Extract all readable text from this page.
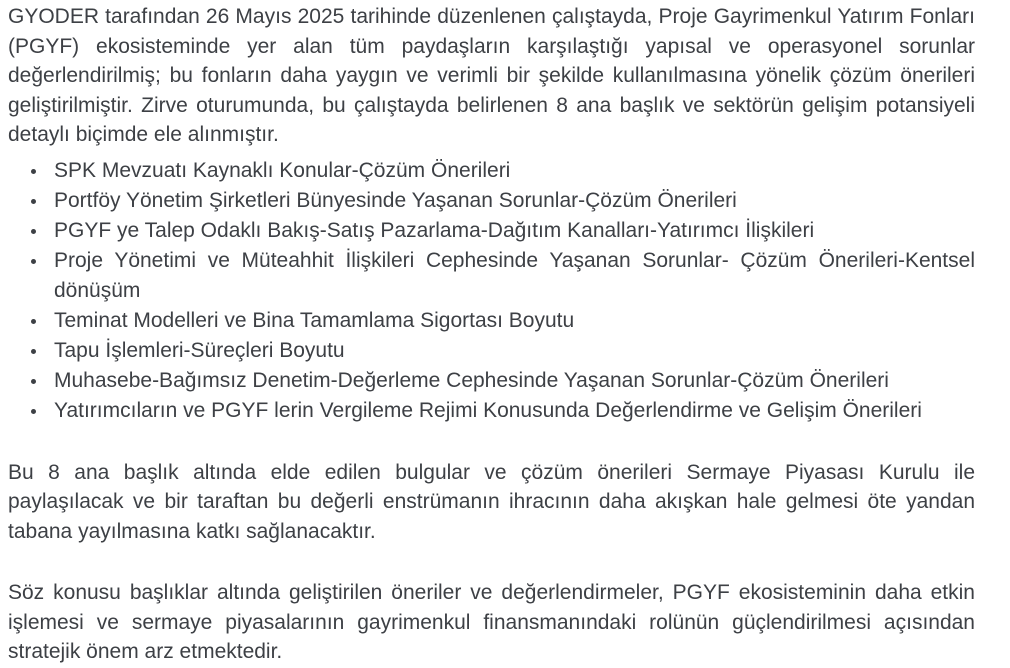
GYODER tarafından 26 Mayıs 2025 tarihinde düzenlenen çalıştayda, Proje Gayrimenkul Yatırım Fonları (PGYF) ekosisteminde yer alan tüm paydaşların karşılaştığı yapısal ve operasyonel sorunlar değerlendirilmiş; bu fonların daha yaygın ve verimli bir şekilde kullanılmasına yönelik çözüm önerileri geliştirilmiştir. Zirve oturumunda, bu çalıştayda belirlenen 8 ana başlık ve sektörün gelişim potansiyeli detaylı biçimde ele alınmıştır.

• SPK Mevzuatı Kaynaklı Konular-Çözüm Önerileri
• Portföy Yönetim Şirketleri Bünyesinde Yaşanan Sorunlar-Çözüm Önerileri
• PGYF ye Talep Odaklı Bakış-Satış Pazarlama-Dağıtım Kanalları-Yatırımcı İlişkileri
• Proje Yönetimi ve Müteahhit İlişkileri Cephesinde Yaşanan Sorunlar- Çözüm Önerileri-Kentsel dönüşüm
• Teminat Modelleri ve Bina Tamamlama Sigortası Boyutu
• Tapu İşlemleri-Süreçleri Boyutu
• Muhasebe-Bağımsız Denetim-Değerleme Cephesinde Yaşanan Sorunlar-Çözüm Önerileri
• Yatırımcıların ve PGYF lerin Vergileme Rejimi Konusunda Değerlendirme ve Gelişim Önerileri

Bu 8 ana başlık altında elde edilen bulgular ve çözüm önerileri Sermaye Piyasası Kurulu ile paylaşılacak ve bir taraftan bu değerli enstrümanın ihracının daha akışkan hale gelmesi öte yandan tabana yayılmasına katkı sağlanacaktır.

Söz konusu başlıklar altında geliştirilen öneriler ve değerlendirmeler, PGYF ekosisteminin daha etkin işlemesi ve sermaye piyasalarının gayrimenkul finansmanındaki rolünün güçlendirilmesi açısından stratejik önem arz etmektedir.
